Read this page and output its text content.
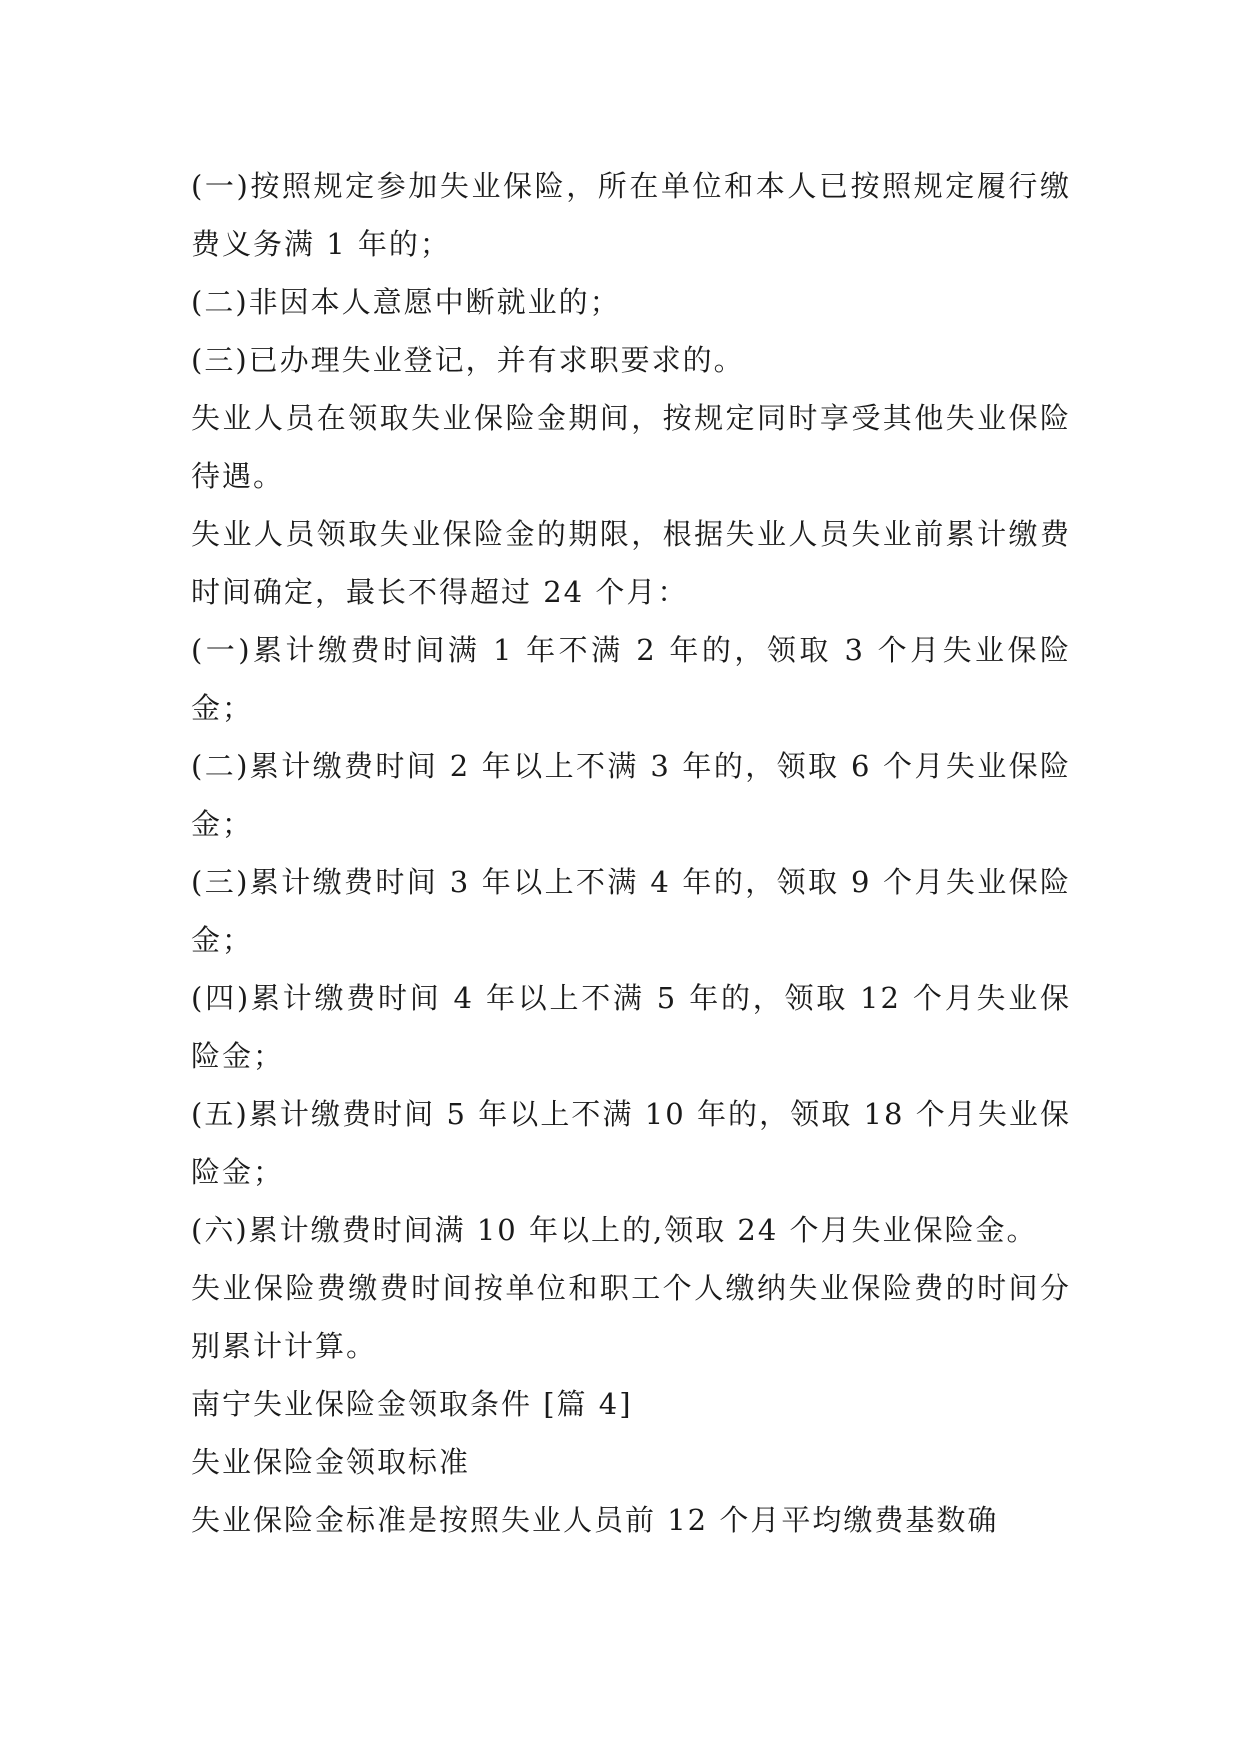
(一)按照规定参加失业保险，所在单位和本人已按照规定履行缴费义务满 1 年的；

(二)非因本人意愿中断就业的；

(三)已办理失业登记，并有求职要求的。

失业人员在领取失业保险金期间，按规定同时享受其他失业保险待遇。

失业人员领取失业保险金的期限，根据失业人员失业前累计缴费时间确定，最长不得超过 24 个月：

(一)累计缴费时间满 1 年不满 2 年的，领取 3 个月失业保险金；

(二)累计缴费时间 2 年以上不满 3 年的，领取 6 个月失业保险金；

(三)累计缴费时间 3 年以上不满 4 年的，领取 9 个月失业保险金；

(四)累计缴费时间 4 年以上不满 5 年的，领取 12 个月失业保险金；

(五)累计缴费时间 5 年以上不满 10 年的，领取 18 个月失业保险金；

(六)累计缴费时间满 10 年以上的,领取 24 个月失业保险金。

失业保险费缴费时间按单位和职工个人缴纳失业保险费的时间分别累计计算。

南宁失业保险金领取条件 [篇 4]

失业保险金领取标准

失业保险金标准是按照失业人员前 12 个月平均缴费基数确
